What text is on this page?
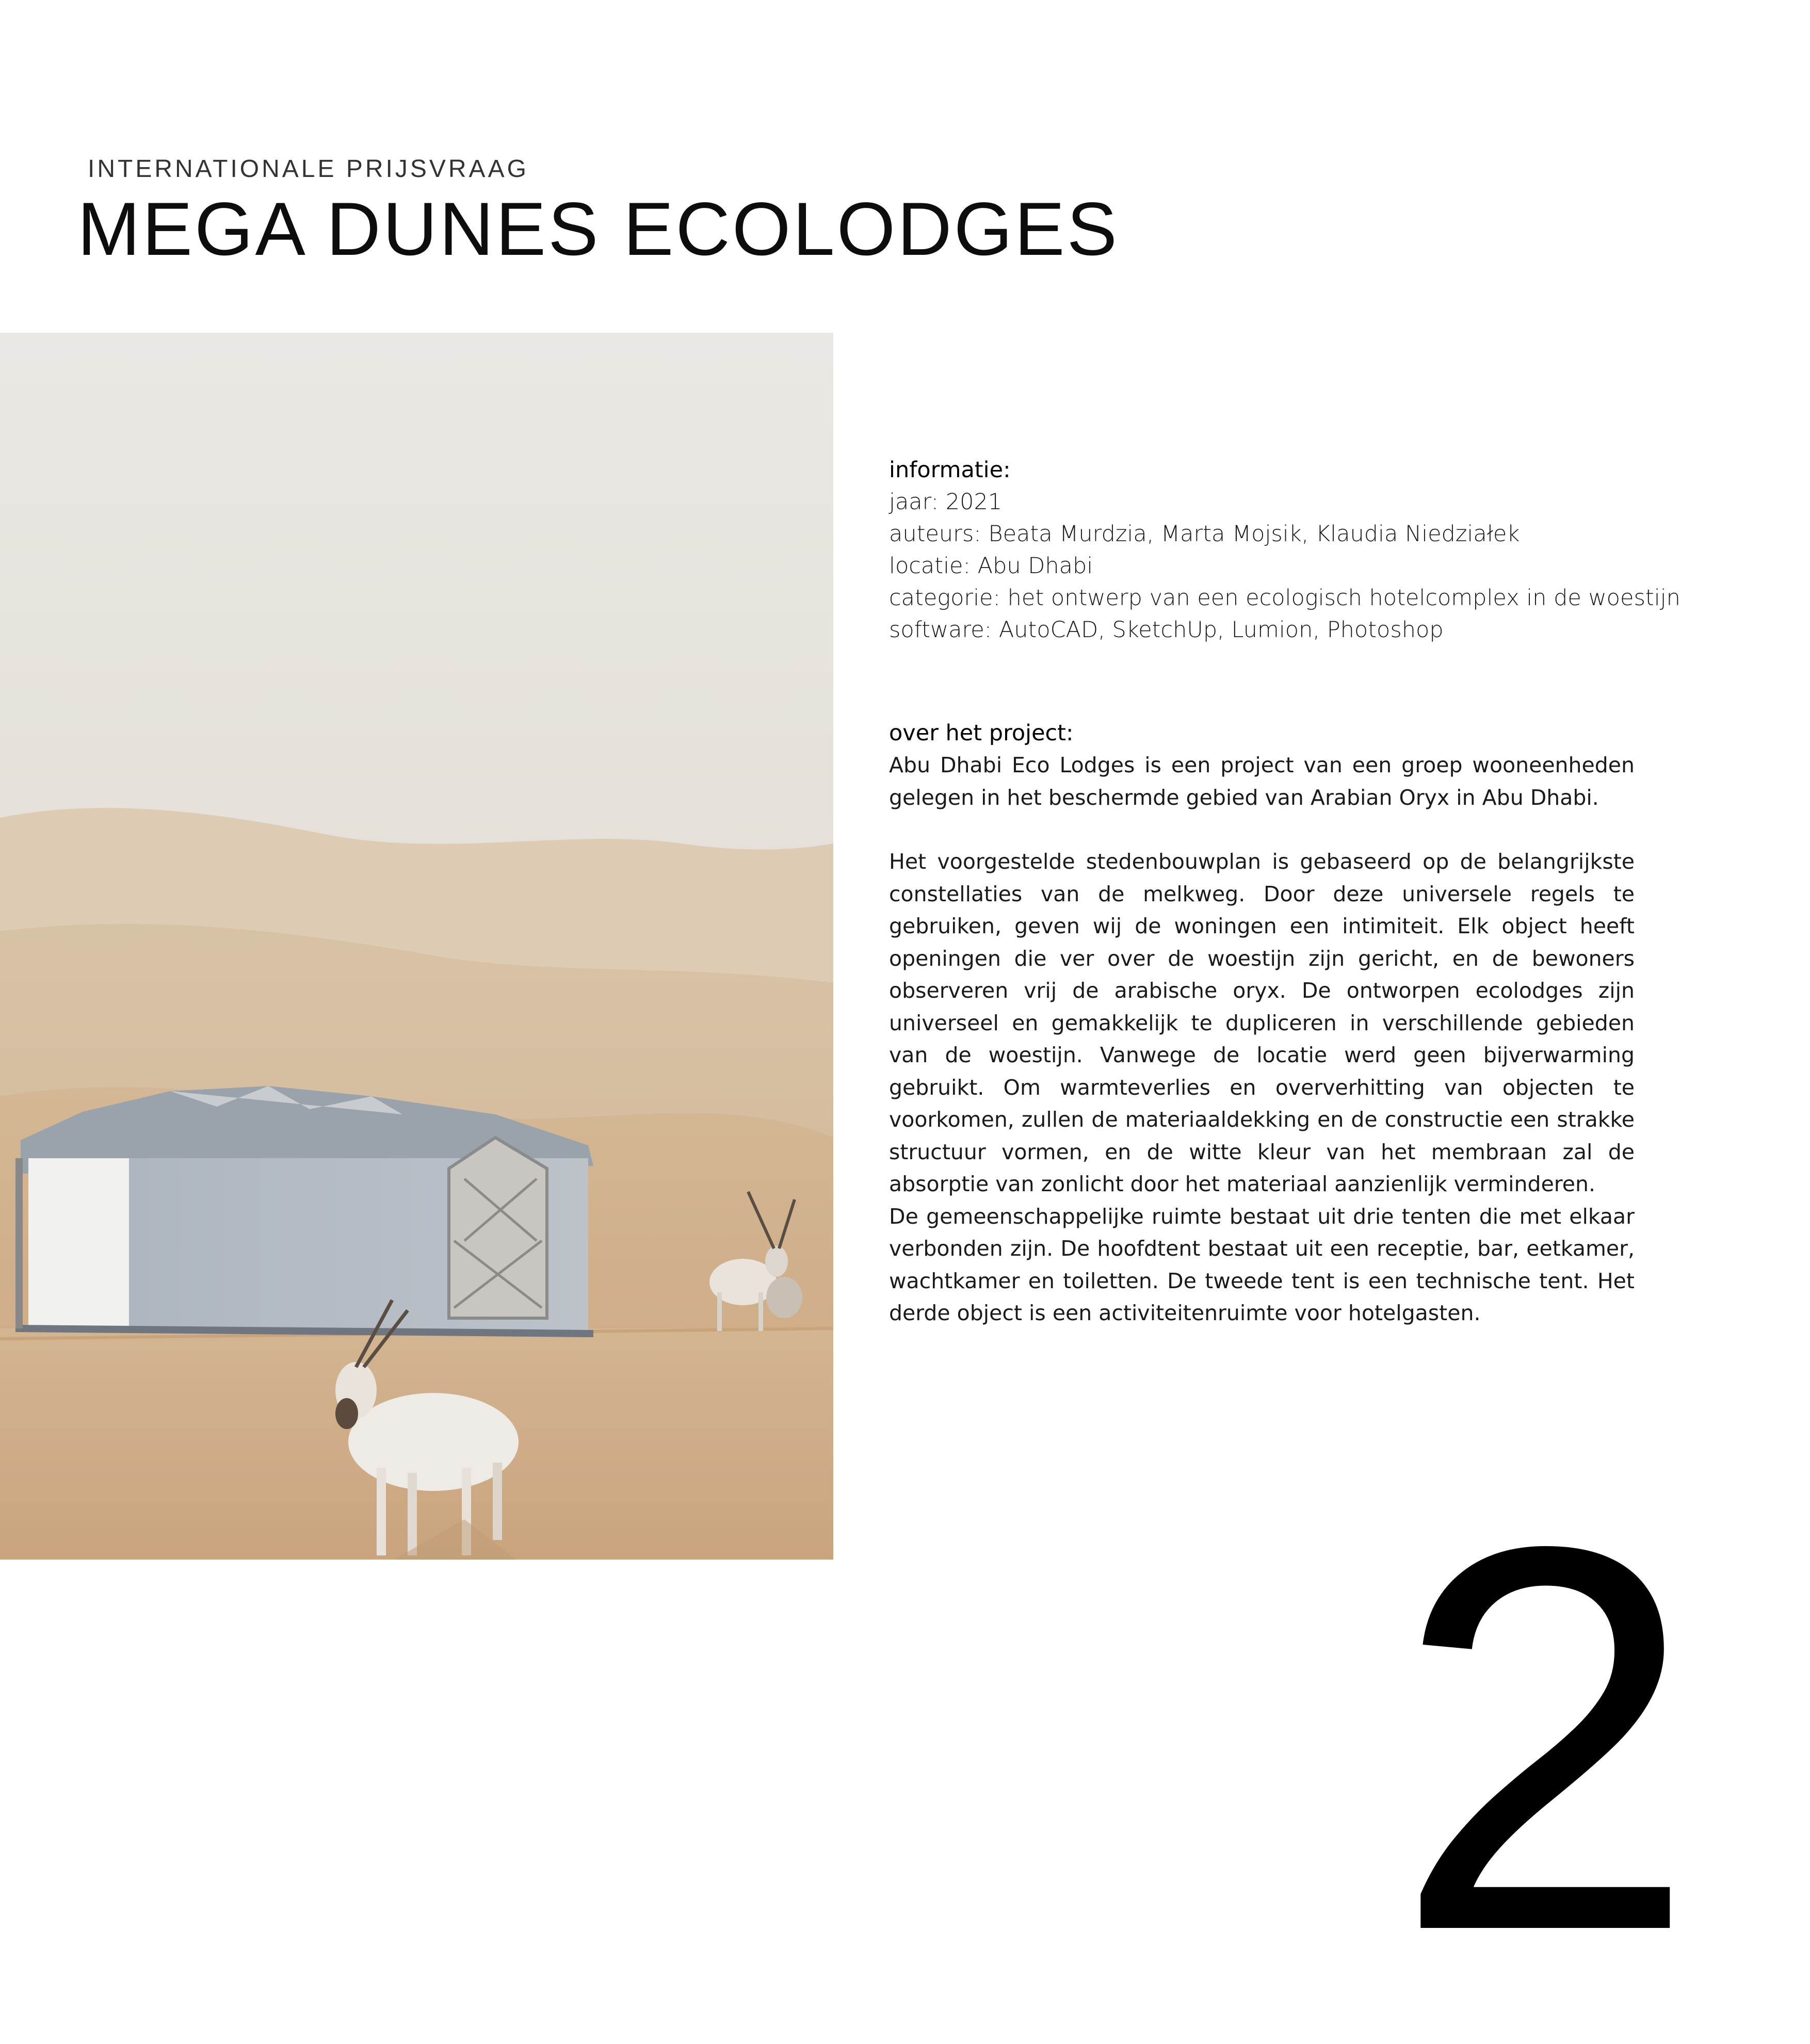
INTERNATIONALE PRIJSVRAAG
MEGA DUNES ECOLODGES
informatie:
jaar: 2021
auteurs: Beata Murdzia, Marta Mojsik, Klaudia Niedziałek
locatie: Abu Dhabi
categorie: het ontwerp van een ecologisch hotelcomplex in de woestijn
software: AutoCAD, SketchUp, Lumion, Photoshop
over het project:

Abu Dhabi Eco Lodges is een project van een groep wooneenheden gelegen in het beschermde gebied van Arabian Oryx in Abu Dhabi.

Het voorgestelde stedenbouwplan is gebaseerd op de belangrijkste constellaties van de melkweg. Door deze universele regels te gebruiken, geven wij de woningen een intimiteit. Elk object heeft openingen die ver over de woestijn zijn gericht, en de bewoners observeren vrij de arabische oryx. De ontworpen ecolodges zijn universeel en gemakkelijk te dupliceren in verschillende gebieden van de woestijn. Vanwege de locatie werd geen bijverwarming gebruikt. Om warmteverlies en oververhitting van objecten te voorkomen, zullen de materiaaldekking en de constructie een strakke structuur vormen, en de witte kleur van het membraan zal de absorptie van zonlicht door het materiaal aanzienlijk verminderen.

De gemeenschappelijke ruimte bestaat uit drie tenten die met elkaar verbonden zijn. De hoofdtent bestaat uit een receptie, bar, eetkamer, wachtkamer en toiletten. De tweede tent is een technische tent. Het derde object is een activiteitenruimte voor hotelgasten.

2
